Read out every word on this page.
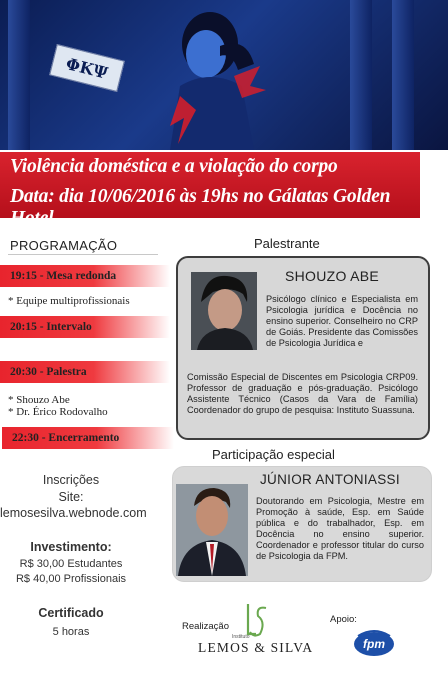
ΦΚΨ
Violência doméstica e a violação do corpo
Data: dia 10/06/2016 às 19hs no Gálatas Golden Hotel
PROGRAMAÇÃO
19:15 - Mesa redonda
* Equipe multiprofissionais
20:15 - Intervalo
20:30 - Palestra
* Shouzo Abe
* Dr. Érico Rodovalho
22:30 - Encerramento
Inscrições
Site:
lemosesilva.webnode.com
Investimento:
R$ 30,00 Estudantes
R$ 40,00 Profissionais
Certificado
5 horas
Palestrante
SHOUZO ABE
Psicólogo clínico e Especialista em Psicologia jurídica e Docência no ensino superior. Conselheiro no CRP de Goiás. Presidente das Comissões de Psicologia Jurídica e
Comissão Especial de Discentes em Psicologia CRP09. Professor de graduação e pós-graduação. Psicólogo Assistente Técnico (Casos da Vara de Família) Coordenador do grupo de pesquisa: Instituto Suassuna.
Participação especial
JÚNIOR ANTONIASSI
Doutorando em Psicologia, Mestre em Promoção à saúde, Esp. em Saúde pública e do trabalhador, Esp. em Docência no ensino superior. Coordenador e professor titular do curso de Psicologia da FPM.
Realização
Instituto
LEMOS & SILVA
Apoio:
fpm
